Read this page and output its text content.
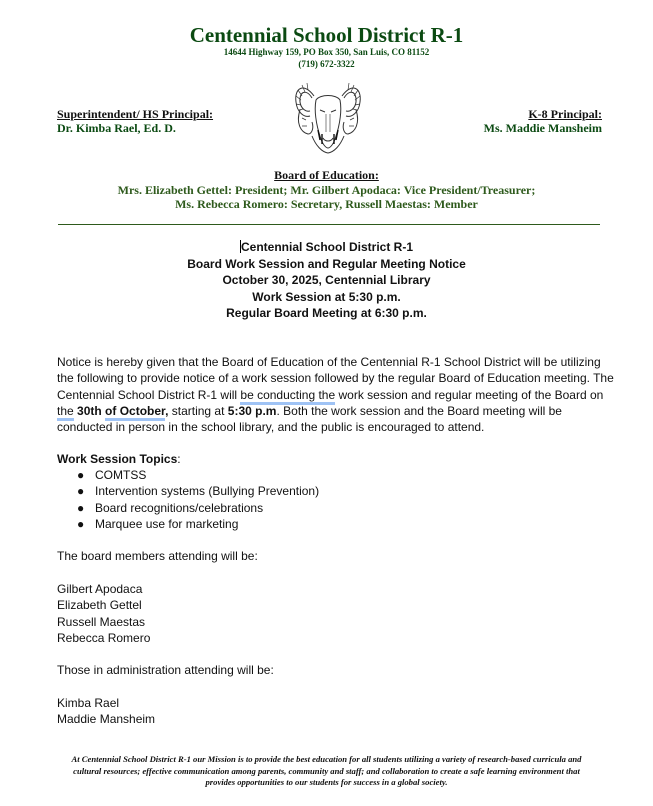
Centennial School District R-1
14644 Highway 159, PO Box 350, San Luis, CO 81152
(719) 672-3322
Superintendent/ HS Principal:
Dr. Kimba Rael, Ed. D.
K-8 Principal:
Ms. Maddie Mansheim
Board of Education:
Mrs. Elizabeth Gettel: President; Mr. Gilbert Apodaca: Vice President/Treasurer;
Ms. Rebecca Romero: Secretary, Russell Maestas: Member
Centennial School District R-1
Board Work Session and Regular Meeting Notice
October 30, 2025, Centennial Library
Work Session at 5:30 p.m.
Regular Board Meeting at 6:30 p.m.
Notice is hereby given that the Board of Education of the Centennial R-1 School District will be utilizing the following to provide notice of a work session followed by the regular Board of Education meeting. The Centennial School District R-1 will be conducting the work session and regular meeting of the Board on the 30th of October, starting at 5:30 p.m. Both the work session and the Board meeting will be conducted in person in the school library, and the public is encouraged to attend.
Work Session Topics:
● COMTSS
● Intervention systems (Bullying Prevention)
● Board recognitions/celebrations
● Marquee use for marketing
The board members attending will be:
Gilbert Apodaca
Elizabeth Gettel
Russell Maestas
Rebecca Romero
Those in administration attending will be:
Kimba Rael
Maddie Mansheim
At Centennial School District R-1 our Mission is to provide the best education for all students utilizing a variety of research-based curricula and cultural resources; effective communication among parents, community and staff; and collaboration to create a safe learning environment that provides opportunities to our students for success in a global society.
